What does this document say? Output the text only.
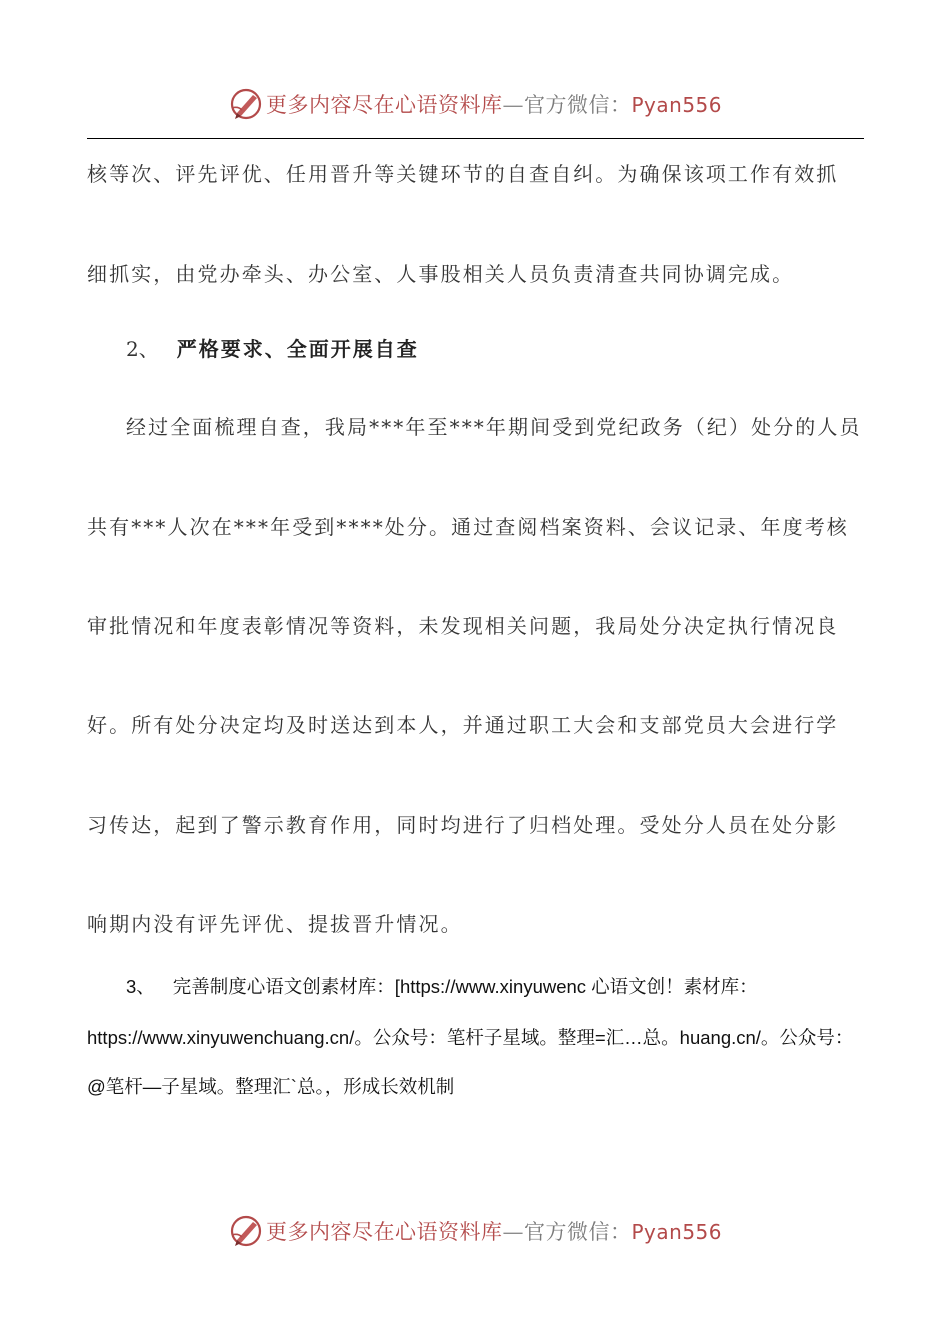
更多内容尽在心语资料库—官方微信：Pyan556
核等次、评先评优、任用晋升等关键环节的自查自纠。为确保该项工作有效抓
细抓实，由党办牵头、办公室、人事股相关人员负责清查共同协调完成。
2、 严格要求、全面开展自查
经过全面梳理自查，我局***年至***年期间受到党纪政务（纪）处分的人员
共有***人次在***年受到****处分。通过查阅档案资料、会议记录、年度考核
审批情况和年度表彰情况等资料，未发现相关问题，我局处分决定执行情况良
好。所有处分决定均及时送达到本人，并通过职工大会和支部党员大会进行学
习传达，起到了警示教育作用，同时均进行了归档处理。受处分人员在处分影
响期内没有评先评优、提拔晋升情况。
3、 完善制度心语文创素材库：[https://www.xinyuwenc 心语文创！素材库：
https://www.xinyuwenchuang.cn/。公众号：笔杆子星域。整理=汇…总。huang.cn/。公众号：
@笔杆—子星域。整理汇`总。，形成长效机制
更多内容尽在心语资料库—官方微信：Pyan556
